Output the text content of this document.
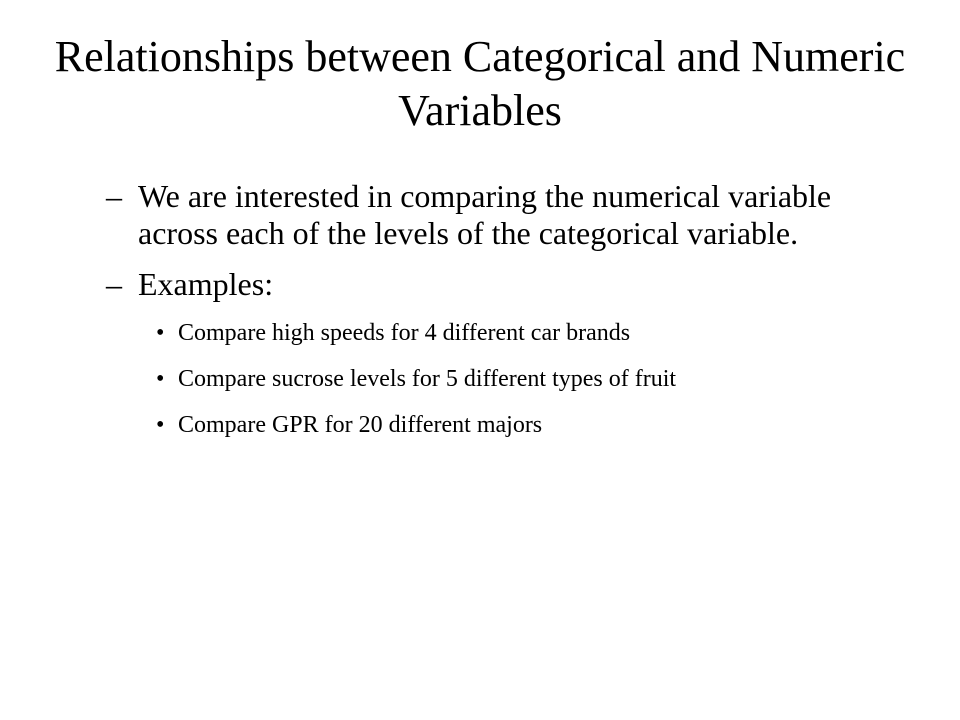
Relationships between Categorical and Numeric Variables
– We are interested in comparing the numerical variable across each of the levels of the categorical variable.
– Examples:
• Compare high speeds for 4 different car brands
• Compare sucrose levels for 5 different types of fruit
• Compare GPR for 20 different majors
